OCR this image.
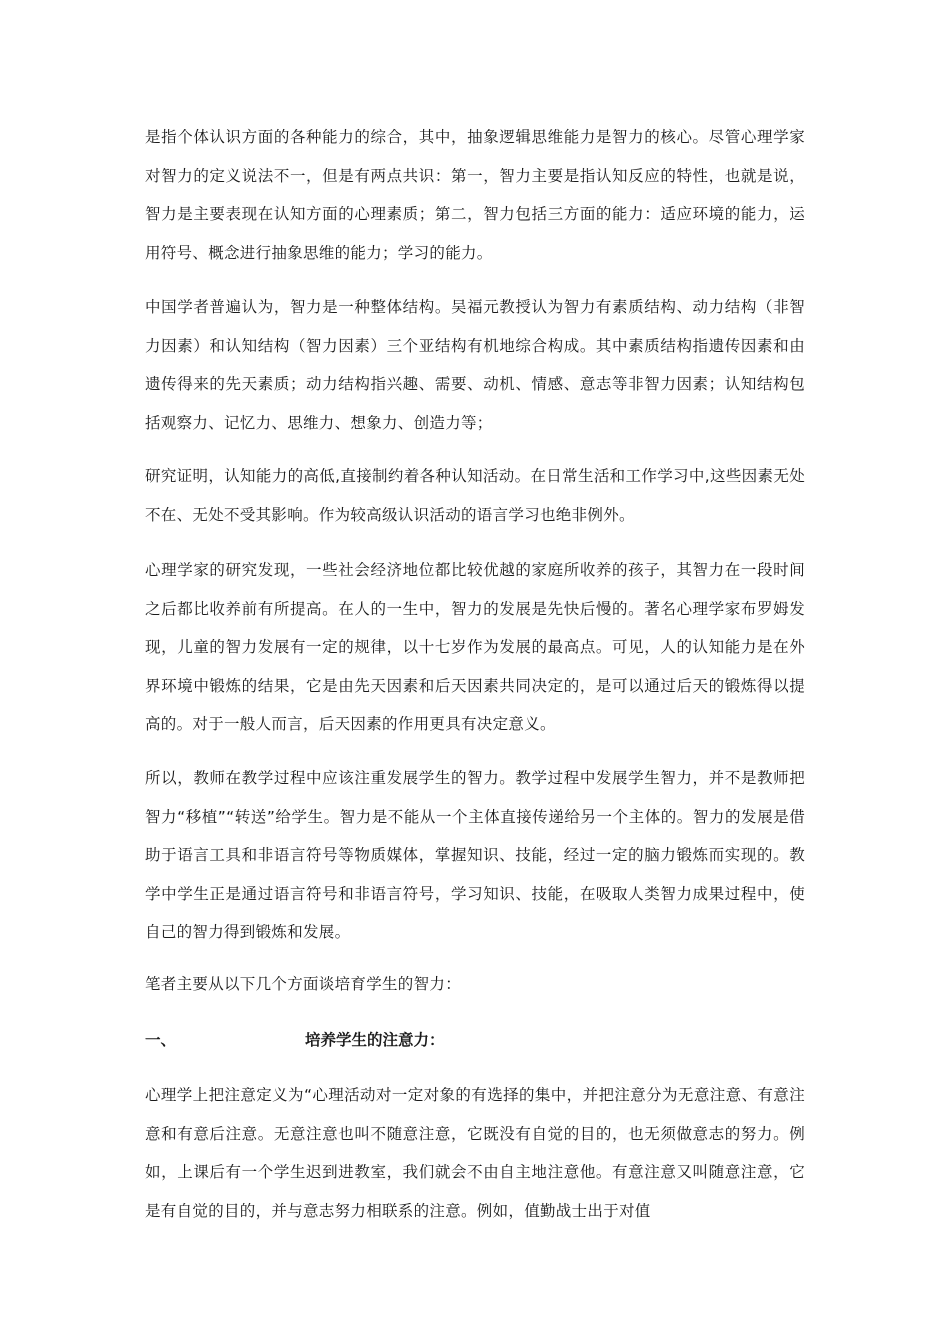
是指个体认识方面的各种能力的综合，其中，抽象逻辑思维能力是智力的核心。尽管心理学家对智力的定义说法不一，但是有两点共识：第一，智力主要是指认知反应的特性，也就是说，智力是主要表现在认知方面的心理素质；第二，智力包括三方面的能力：适应环境的能力，运用符号、概念进行抽象思维的能力；学习的能力。

中国学者普遍认为，智力是一种整体结构。吴福元教授认为智力有素质结构、动力结构（非智力因素）和认知结构（智力因素）三个亚结构有机地综合构成。其中素质结构指遗传因素和由遗传得来的先天素质；动力结构指兴趣、需要、动机、情感、意志等非智力因素；认知结构包括观察力、记忆力、思维力、想象力、创造力等；

研究证明，认知能力的高低,直接制约着各种认知活动。在日常生活和工作学习中,这些因素无处不在、无处不受其影响。作为较高级认识活动的语言学习也绝非例外。

心理学家的研究发现，一些社会经济地位都比较优越的家庭所收养的孩子，其智力在一段时间之后都比收养前有所提高。在人的一生中，智力的发展是先快后慢的。著名心理学家布罗姆发现，儿童的智力发展有一定的规律，以十七岁作为发展的最高点。可见，人的认知能力是在外界环境中锻炼的结果，它是由先天因素和后天因素共同决定的，是可以通过后天的锻炼得以提高的。对于一般人而言，后天因素的作用更具有决定意义。

所以，教师在教学过程中应该注重发展学生的智力。教学过程中发展学生智力，并不是教师把智力“移植”“转送”给学生。智力是不能从一个主体直接传递给另一个主体的。智力的发展是借助于语言工具和非语言符号等物质媒体，掌握知识、技能，经过一定的脑力锻炼而实现的。教学中学生正是通过语言符号和非语言符号，学习知识、技能，在吸取人类智力成果过程中，使自己的智力得到锻炼和发展。

笔者主要从以下几个方面谈培育学生的智力：

一、	培养学生的注意力：

心理学上把注意定义为“心理活动对一定对象的有选择的集中，并把注意分为无意注意、有意注意和有意后注意。无意注意也叫不随意注意，它既没有自觉的目的，也无须做意志的努力。例如，上课后有一个学生迟到进教室，我们就会不由自主地注意他。有意注意又叫随意注意，它是有自觉的目的，并与意志努力相联系的注意。例如，值勤战士出于对值
